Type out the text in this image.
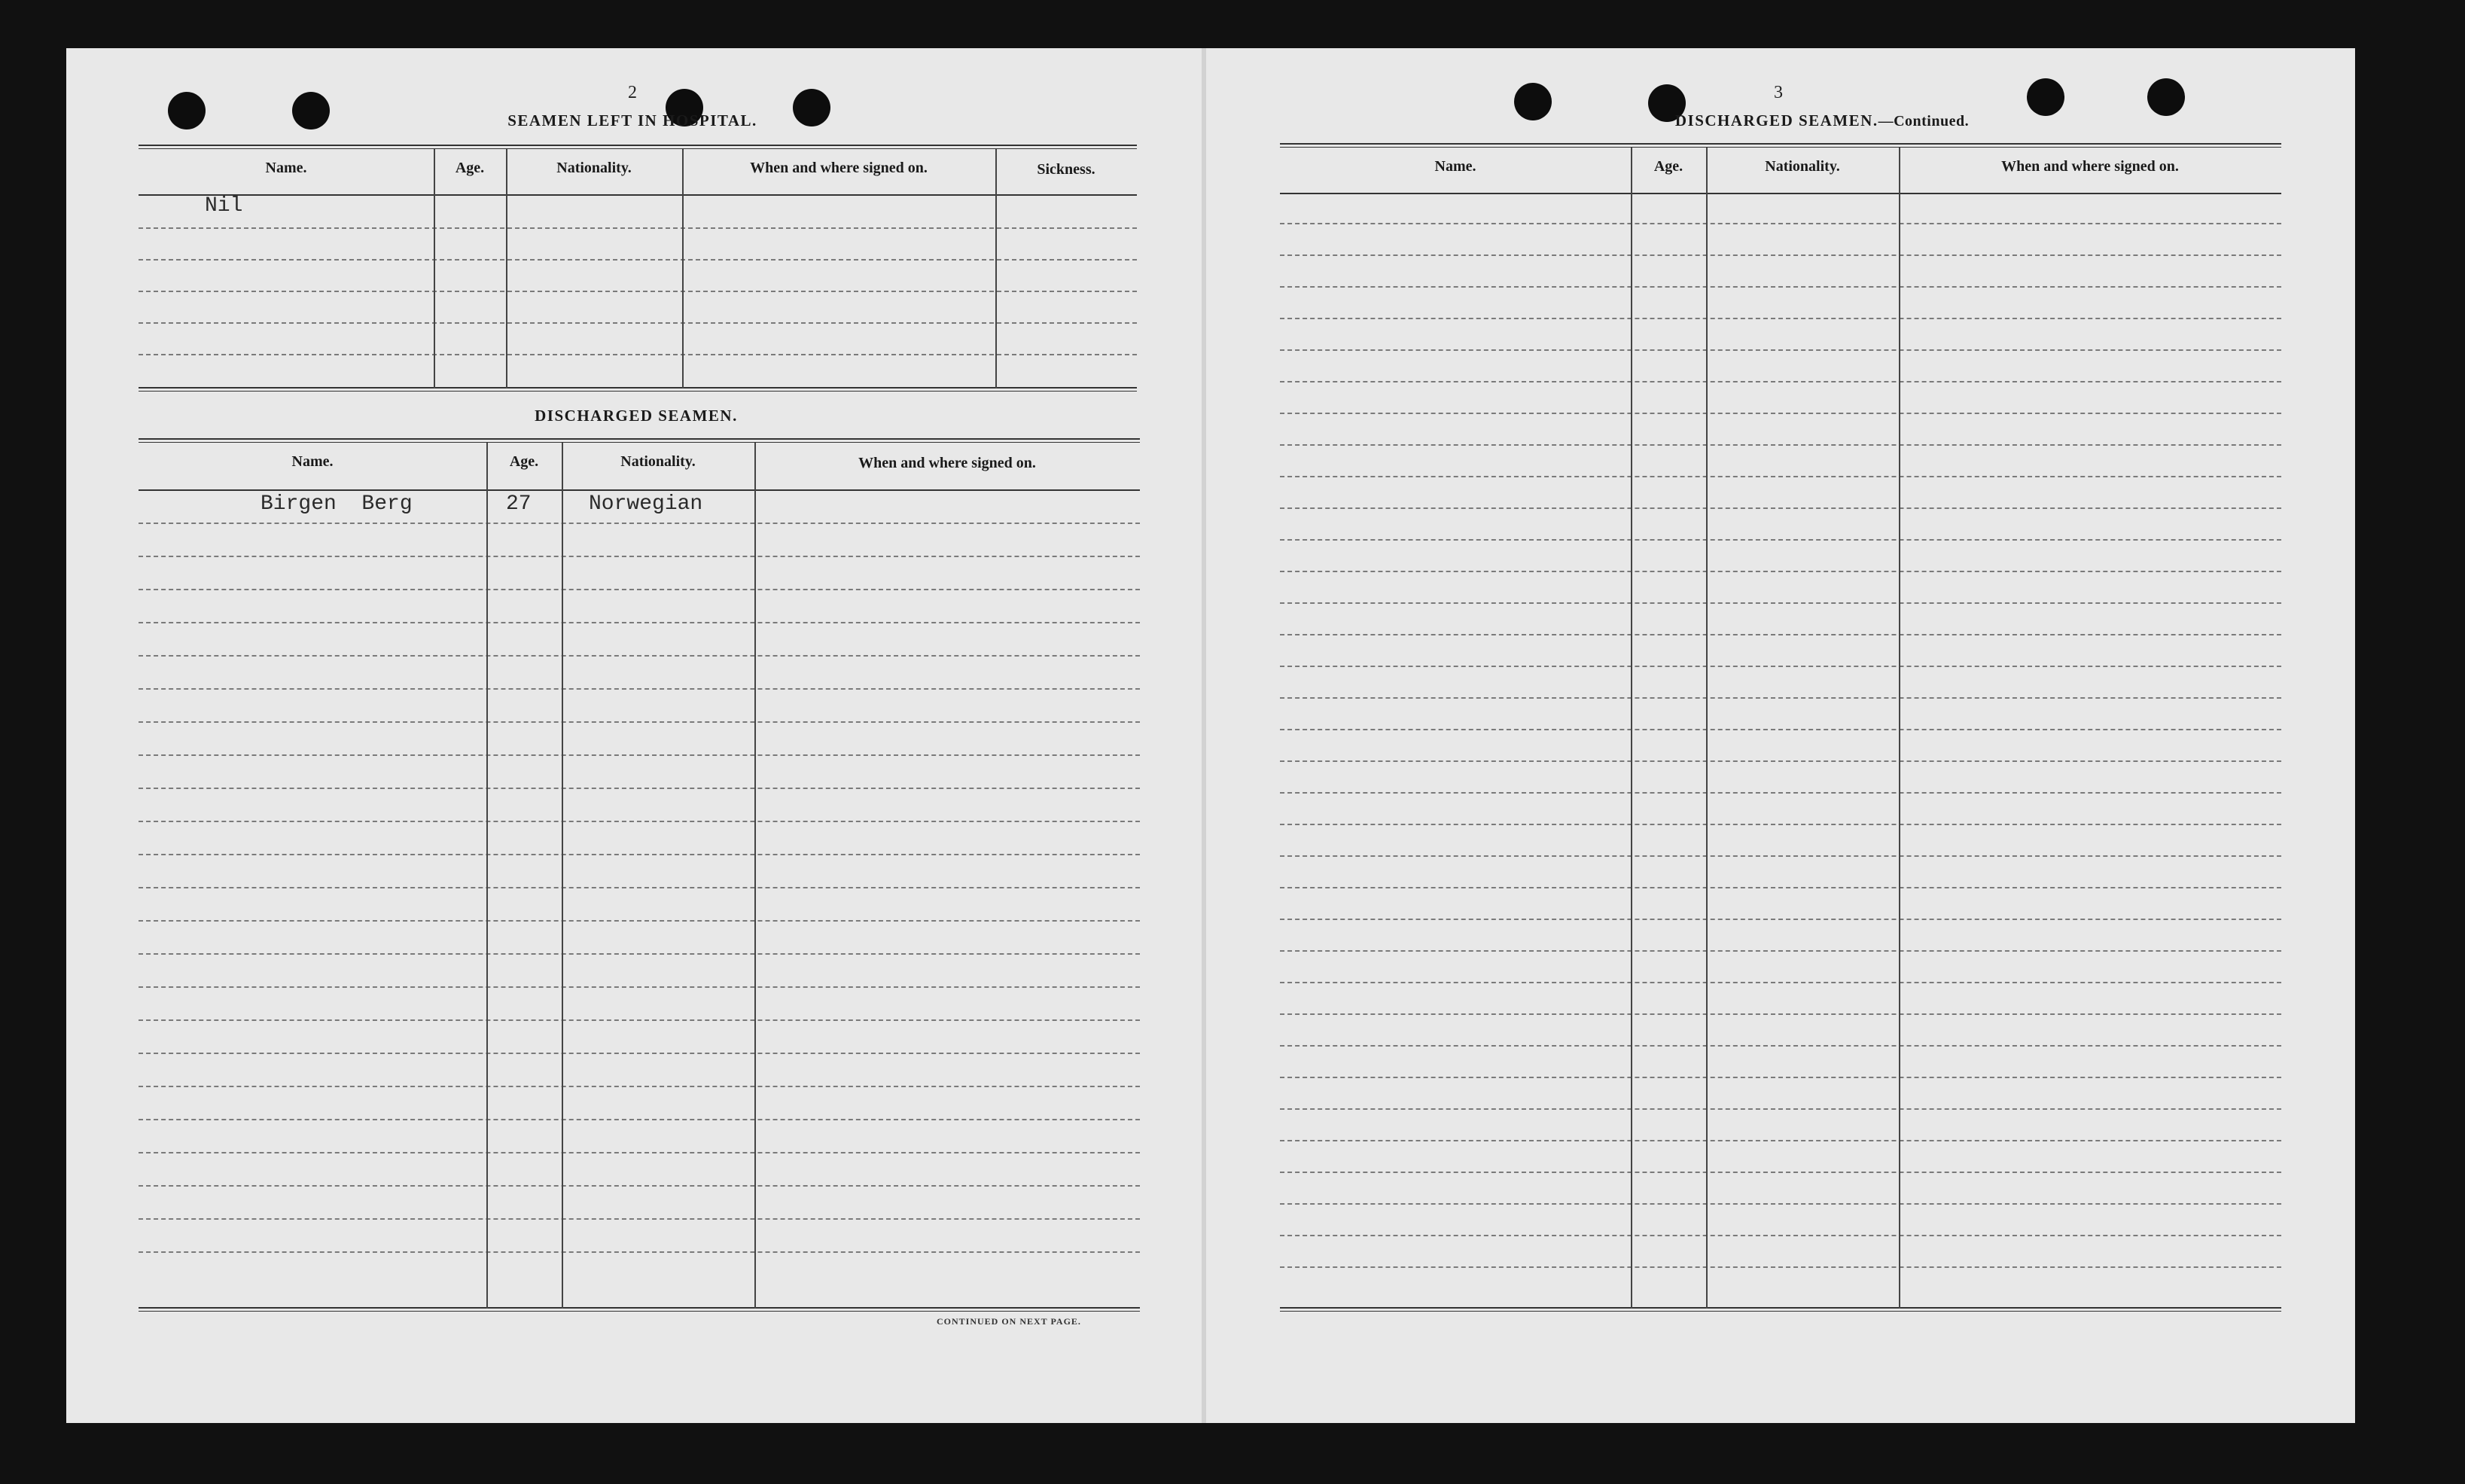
2
SEAMEN LEFT IN HOSPITAL.
Name.	Age.	Nationality.	When and where signed on.	Sickness.
Nil
DISCHARGED SEAMEN.
Name.	Age.	Nationality.	When and where signed on.
Birgen  Berg	27	Norwegian
CONTINUED ON NEXT PAGE.
3
DISCHARGED SEAMEN.—Continued.
Name.	Age.	Nationality.	When and where signed on.
